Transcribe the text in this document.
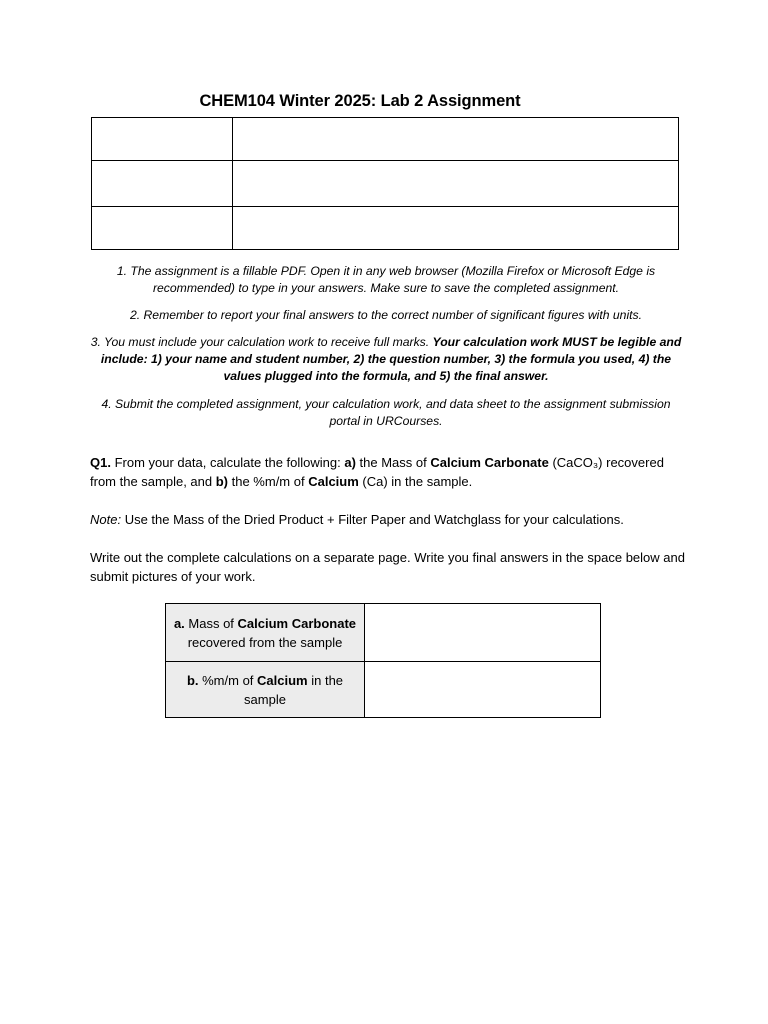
CHEM104 Winter 2025: Lab 2 Assignment

1. The assignment is a fillable PDF. Open it in any web browser (Mozilla Firefox or Microsoft Edge is recommended) to type in your answers. Make sure to save the completed assignment.
2. Remember to report your final answers to the correct number of significant figures with units.
3. You must include your calculation work to receive full marks. Your calculation work MUST be legible and include: 1) your name and student number, 2) the question number, 3) the formula you used, 4) the values plugged into the formula, and 5) the final answer.
4. Submit the completed assignment, your calculation work, and data sheet to the assignment submission portal in URCourses.
Q1. From your data, calculate the following: a) the Mass of Calcium Carbonate (CaCO₃) recovered from the sample, and b) the %m/m of Calcium (Ca) in the sample.
Note: Use the Mass of the Dried Product + Filter Paper and Watchglass for your calculations.
Write out the complete calculations on a separate page. Write you final answers in the space below and submit pictures of your work.
a. Mass of Calcium Carbonate recovered from the sample	
b. %m/m of Calcium in the sample	
